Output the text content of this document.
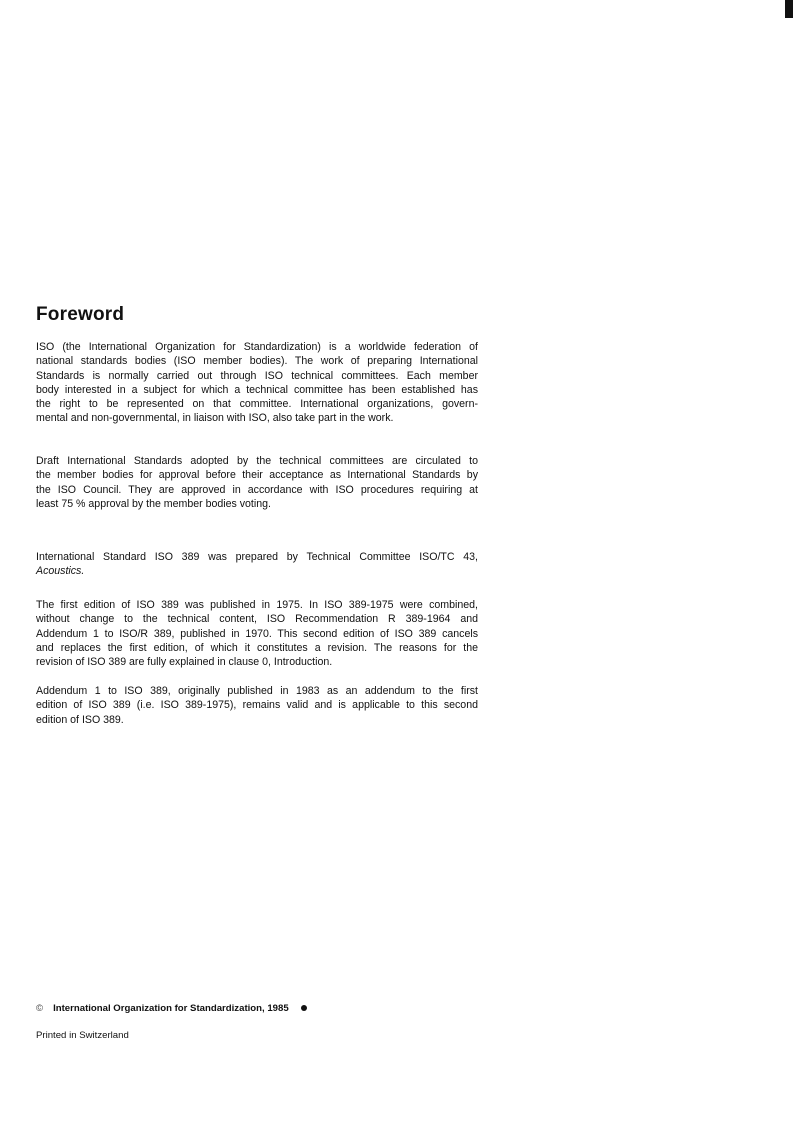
Foreword
ISO (the International Organization for Standardization) is a worldwide federation of
national standards bodies (ISO member bodies). The work of preparing International
Standards is normally carried out through ISO technical committees. Each member
body interested in a subject for which a technical committee has been established has
the right to be represented on that committee. International organizations, govern-
mental and non-governmental, in liaison with ISO, also take part in the work.
Draft International Standards adopted by the technical committees are circulated to
the member bodies for approval before their acceptance as International Standards by
the ISO Council. They are approved in accordance with ISO procedures requiring at
least 75 % approval by the member bodies voting.
International Standard ISO 389 was prepared by Technical Committee ISO/TC 43,
Acoustics.
The first edition of ISO 389 was published in 1975. In ISO 389-1975 were combined,
without change to the technical content, ISO Recommendation R 389-1964 and
Addendum 1 to ISO/R 389, published in 1970. This second edition of ISO 389 cancels
and replaces the first edition, of which it constitutes a revision. The reasons for the
revision of ISO 389 are fully explained in clause 0, Introduction.
Addendum 1 to ISO 389, originally published in 1983 as an addendum to the first
edition of ISO 389 (i.e. ISO 389-1975), remains valid and is applicable to this second
edition of ISO 389.
© International Organization for Standardization, 1985
Printed in Switzerland
